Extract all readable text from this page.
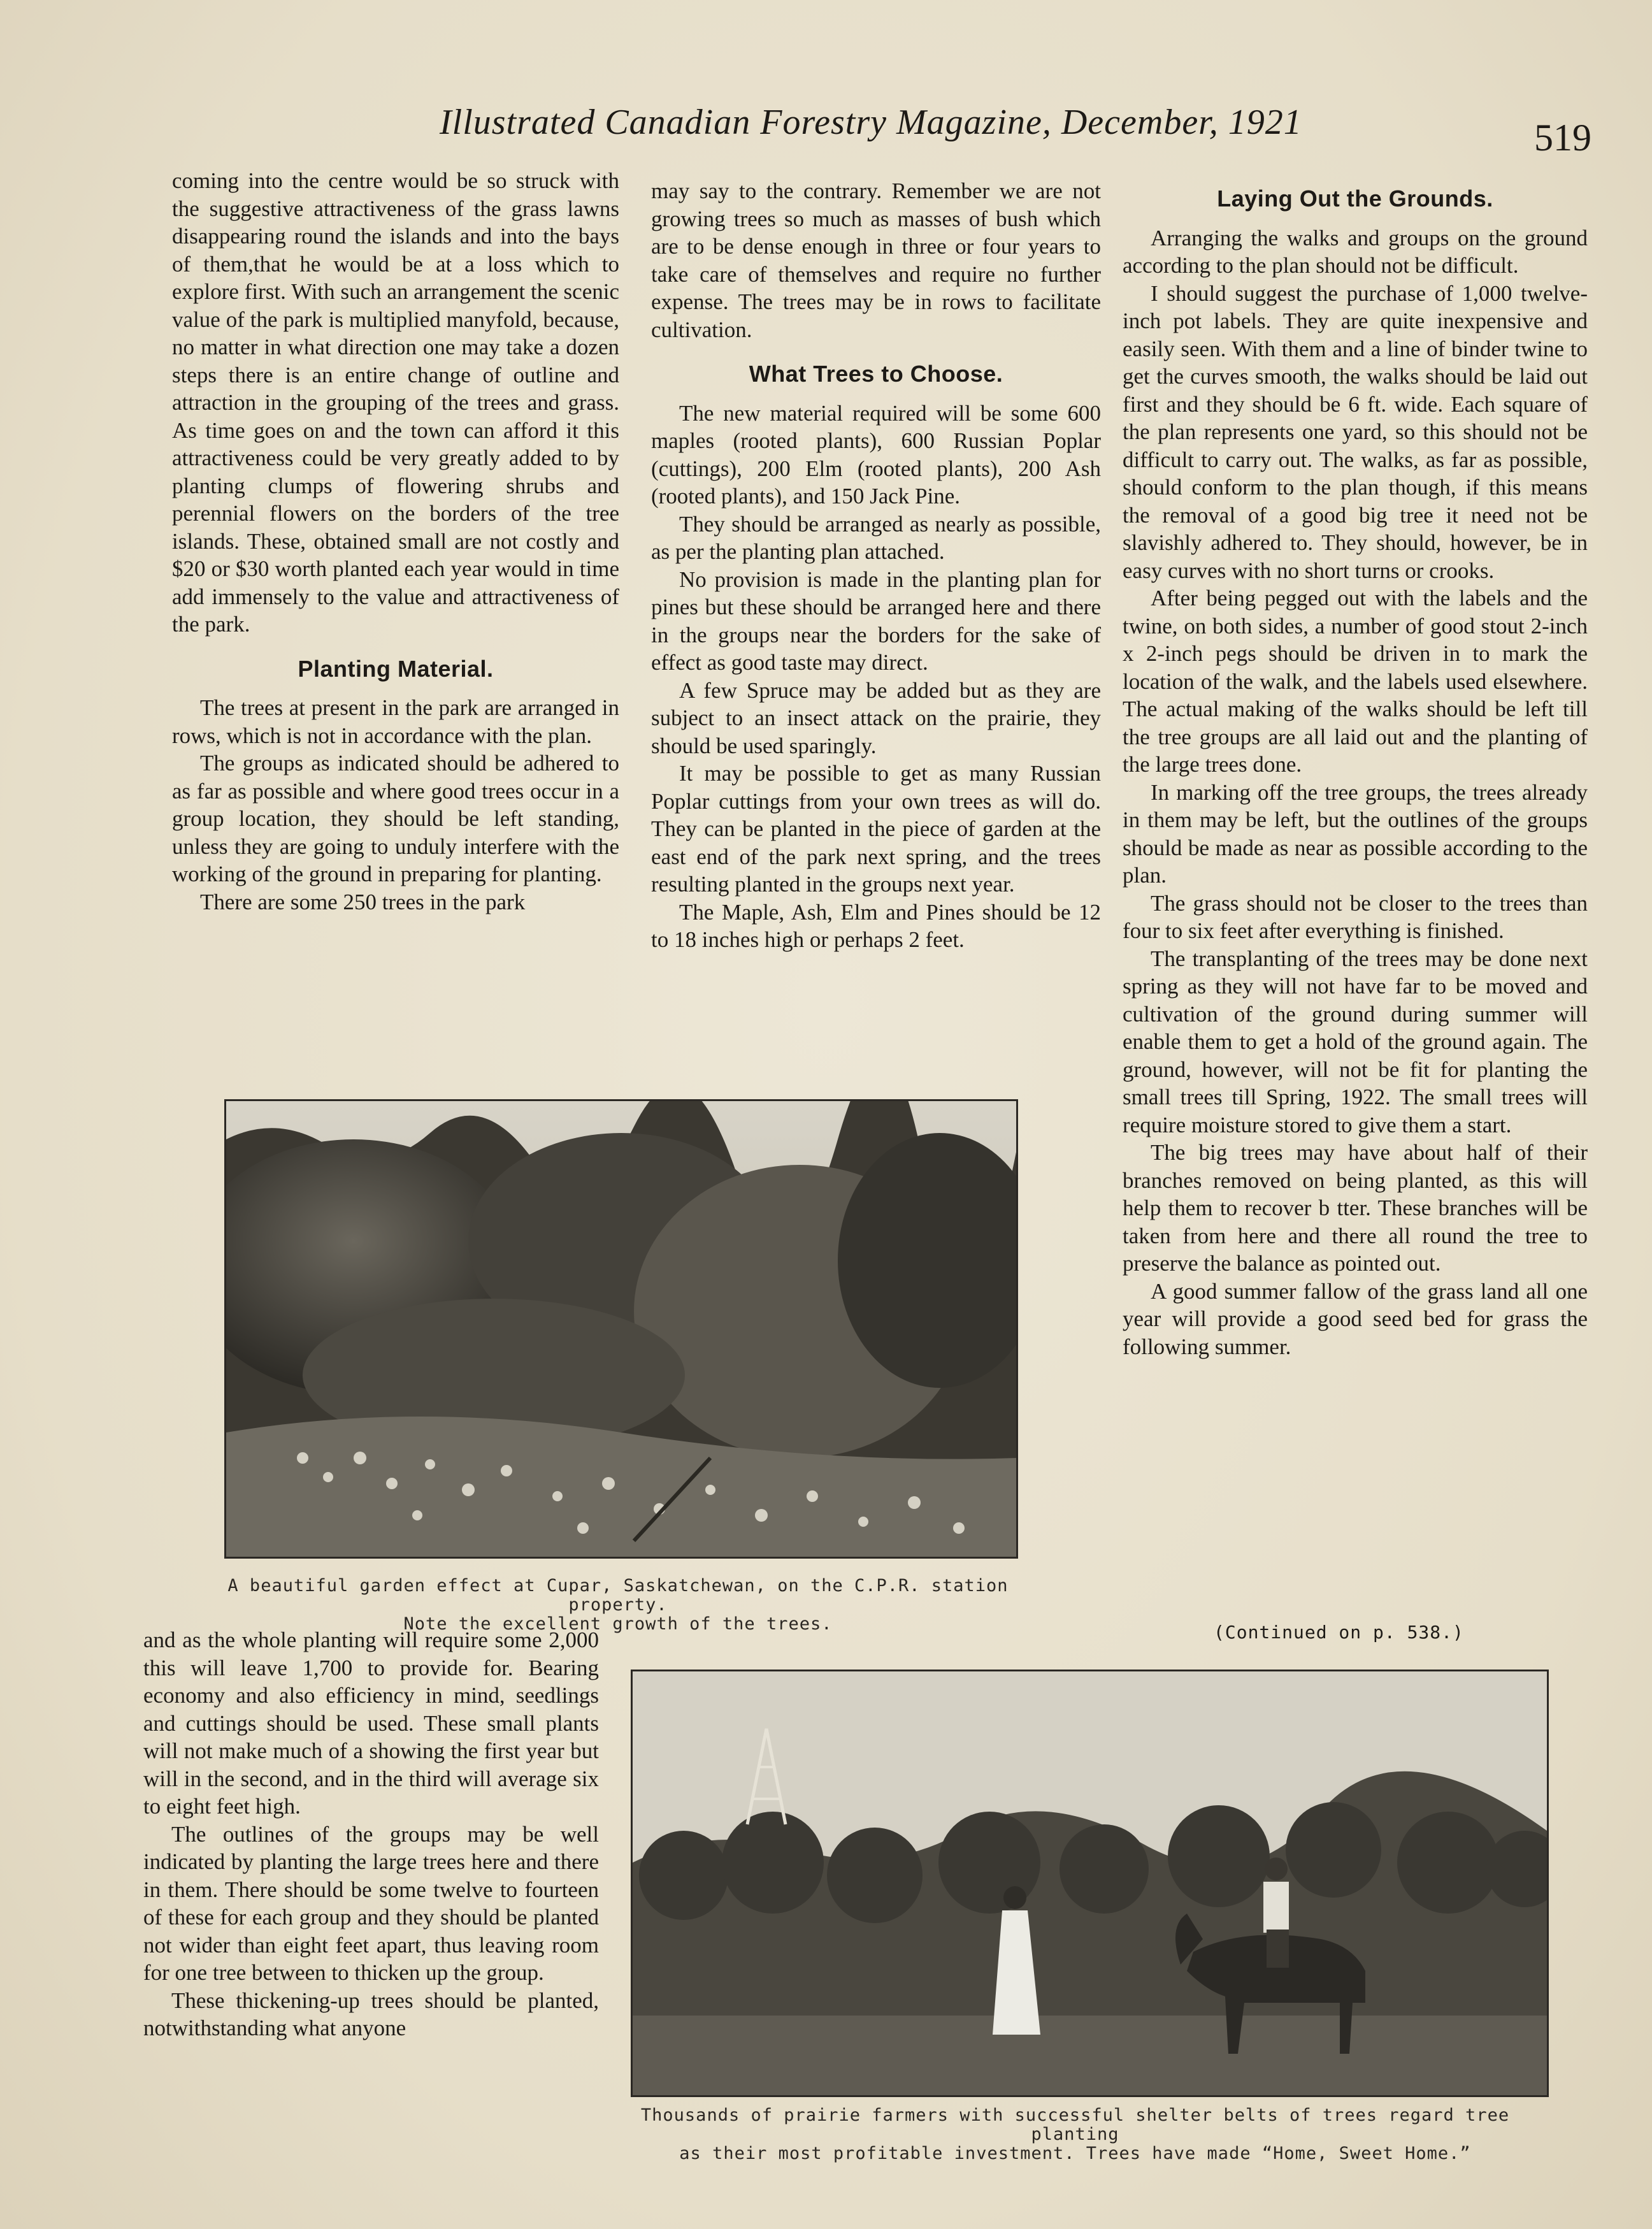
Illustrated Canadian Forestry Magazine, December, 1921	519

coming into the centre would be so struck with the suggestive attractiveness of the grass lawns disappearing round the islands and into the bays of them,that he would be at a loss which to explore first. With such an arrangement the scenic value of the park is multiplied manyfold, because, no matter in what direction one may take a dozen steps there is an entire change of outline and attraction in the grouping of the trees and grass. As time goes on and the town can afford it this attractiveness could be very greatly added to by planting clumps of flowering shrubs and perennial flowers on the borders of the tree islands. These, obtained small are not costly and $20 or $30 worth planted each year would in time add immensely to the value and attractiveness of the park.

Planting Material.

The trees at present in the park are arranged in rows, which is not in accordance with the plan.

The groups as indicated should be adhered to as far as possible and where good trees occur in a group location, they should be left standing, unless they are going to unduly interfere with the working of the ground in preparing for planting.

There are some 250 trees in the park

may say to the contrary. Remember we are not growing trees so much as masses of bush which are to be dense enough in three or four years to take care of themselves and require no further expense. The trees may be in rows to facilitate cultivation.

What Trees to Choose.

The new material required will be some 600 maples (rooted plants), 600 Russian Poplar (cuttings), 200 Elm (rooted plants), 200 Ash (rooted plants), and 150 Jack Pine.

They should be arranged as nearly as possible, as per the planting plan attached.

No provision is made in the planting plan for pines but these should be arranged here and there in the groups near the borders for the sake of effect as good taste may direct.

A few Spruce may be added but as they are subject to an insect attack on the prairie, they should be used sparingly.

It may be possible to get as many Russian Poplar cuttings from your own trees as will do. They can be planted in the piece of garden at the east end of the park next spring, and the trees resulting planted in the groups next year.

The Maple, Ash, Elm and Pines should be 12 to 18 inches high or perhaps 2 feet.

Laying Out the Grounds.

Arranging the walks and groups on the ground according to the plan should not be difficult.

I should suggest the purchase of 1,000 twelve-inch pot labels. They are quite inexpensive and easily seen. With them and a line of binder twine to get the curves smooth, the walks should be laid out first and they should be 6 ft. wide. Each square of the plan represents one yard, so this should not be difficult to carry out. The walks, as far as possible, should conform to the plan though, if this means the removal of a good big tree it need not be slavishly adhered to. They should, however, be in easy curves with no short turns or crooks.

After being pegged out with the labels and the twine, on both sides, a number of good stout 2-inch x 2-inch pegs should be driven in to mark the location of the walk, and the labels used elsewhere. The actual making of the walks should be left till the tree groups are all laid out and the planting of the large trees done.

In marking off the tree groups, the trees already in them may be left, but the outlines of the groups should be made as near as possible according to the plan.

The grass should not be closer to the trees than four to six feet after everything is finished.

The transplanting of the trees may be done next spring as they will not have far to be moved and cultivation of the ground during summer will enable them to get a hold of the ground again. The ground, however, will not be fit for planting the small trees till Spring, 1922. The small trees will require moisture stored to give them a start.

The big trees may have about half of their branches removed on being planted, as this will help them to recover b tter. These branches will be taken from here and there all round the tree to preserve the balance as pointed out.

A good summer fallow of the grass land all one year will provide a good seed bed for grass the following summer.

(Continued on p. 538.)
A beautiful garden effect at Cupar, Saskatchewan, on the C.P.R. station property.
Note the excellent growth of the trees.

and as the whole planting will require some 2,000 this will leave 1,700 to provide for. Bearing economy and also efficiency in mind, seedlings and cuttings should be used. These small plants will not make much of a showing the first year but will in the second, and in the third will average six to eight feet high.

The outlines of the groups may be well indicated by planting the large trees here and there in them. There should be some twelve to fourteen of these for each group and they should be planted not wider than eight feet apart, thus leaving room for one tree between to thicken up the group.

These thickening-up trees should be planted, notwithstanding what anyone

Thousands of prairie farmers with successful shelter belts of trees regard tree planting
as their most profitable investment. Trees have made “Home, Sweet Home.”
